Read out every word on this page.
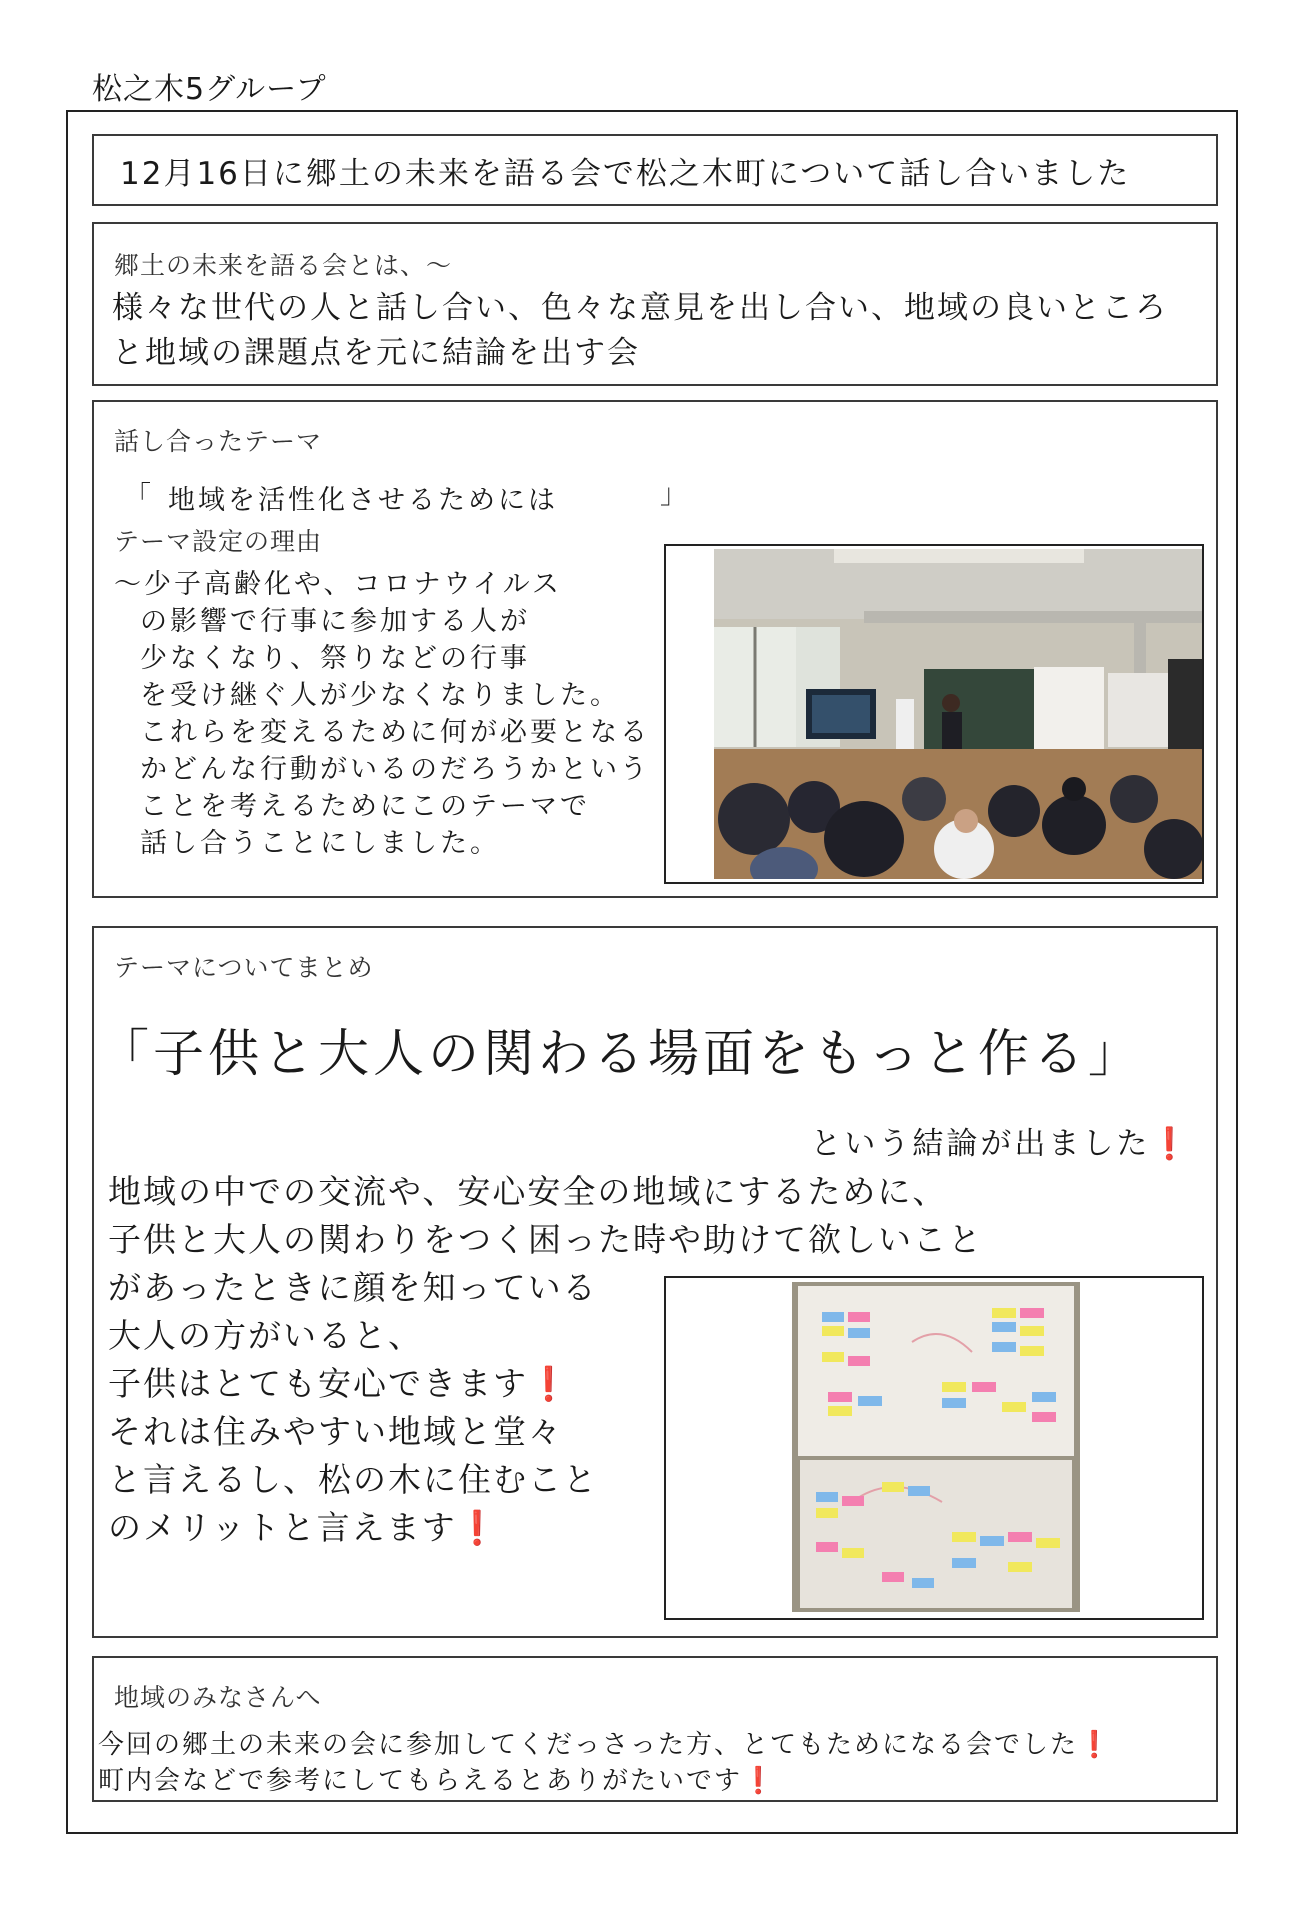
松之木5グループ
12月16日に郷土の未来を語る会で松之木町について話し合いました
郷土の未来を語る会とは、～
様々な世代の人と話し合い、色々な意見を出し合い、地域の良いところ
と地域の課題点を元に結論を出す会
話し合ったテーマ
「 地域を活性化させるためには	」
テーマ設定の理由
～少子高齢化や、コロナウイルス
の影響で行事に参加する人が
少なくなり、祭りなどの行事
を受け継ぐ人が少なくなりました。
これらを変えるために何が必要となる
かどんな行動がいるのだろうかという
ことを考えるためにこのテーマで
話し合うことにしました。
テーマについてまとめ
「子供と大人の関わる場面をもっと作る」
という結論が出ました❗
地域の中での交流や、安心安全の地域にするために、
子供と大人の関わりをつく困った時や助けて欲しいこと
があったときに顔を知っている
大人の方がいると、
子供はとても安心できます❗
それは住みやすい地域と堂々
と言えるし、松の木に住むこと
のメリットと言えます❗
地域のみなさんへ
今回の郷土の未来の会に参加してくだっさった方、とてもためになる会でした❗
町内会などで参考にしてもらえるとありがたいです❗
